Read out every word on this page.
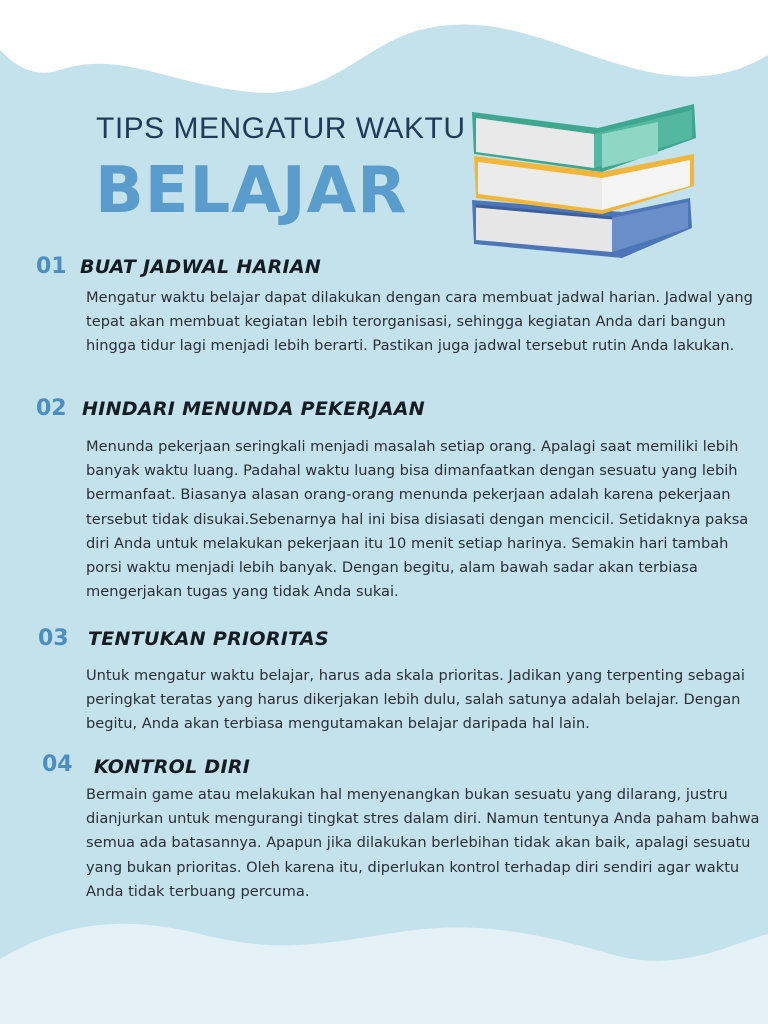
TIPS MENGATUR WAKTU
BELAJAR
01 BUAT JADWAL HARIAN

Mengatur waktu belajar dapat dilakukan dengan cara membuat jadwal harian. Jadwal yang tepat akan membuat kegiatan lebih terorganisasi, sehingga kegiatan Anda dari bangun hingga tidur lagi menjadi lebih berarti. Pastikan juga jadwal tersebut rutin Anda lakukan.

02 HINDARI MENUNDA PEKERJAAN

Menunda pekerjaan seringkali menjadi masalah setiap orang. Apalagi saat memiliki lebih banyak waktu luang. Padahal waktu luang bisa dimanfaatkan dengan sesuatu yang lebih bermanfaat. Biasanya alasan orang-orang menunda pekerjaan adalah karena pekerjaan tersebut tidak disukai.Sebenarnya hal ini bisa disiasati dengan mencicil. Setidaknya paksa diri Anda untuk melakukan pekerjaan itu 10 menit setiap harinya. Semakin hari tambah porsi waktu menjadi lebih banyak. Dengan begitu, alam bawah sadar akan terbiasa mengerjakan tugas yang tidak Anda sukai.

03 TENTUKAN PRIORITAS

Untuk mengatur waktu belajar, harus ada skala prioritas. Jadikan yang terpenting sebagai peringkat teratas yang harus dikerjakan lebih dulu, salah satunya adalah belajar. Dengan begitu, Anda akan terbiasa mengutamakan belajar daripada hal lain.

04 KONTROL DIRI

Bermain game atau melakukan hal menyenangkan bukan sesuatu yang dilarang, justru dianjurkan untuk mengurangi tingkat stres dalam diri. Namun tentunya Anda paham bahwa semua ada batasannya. Apapun jika dilakukan berlebihan tidak akan baik, apalagi sesuatu yang bukan prioritas. Oleh karena itu, diperlukan kontrol terhadap diri sendiri agar waktu Anda tidak terbuang percuma.
